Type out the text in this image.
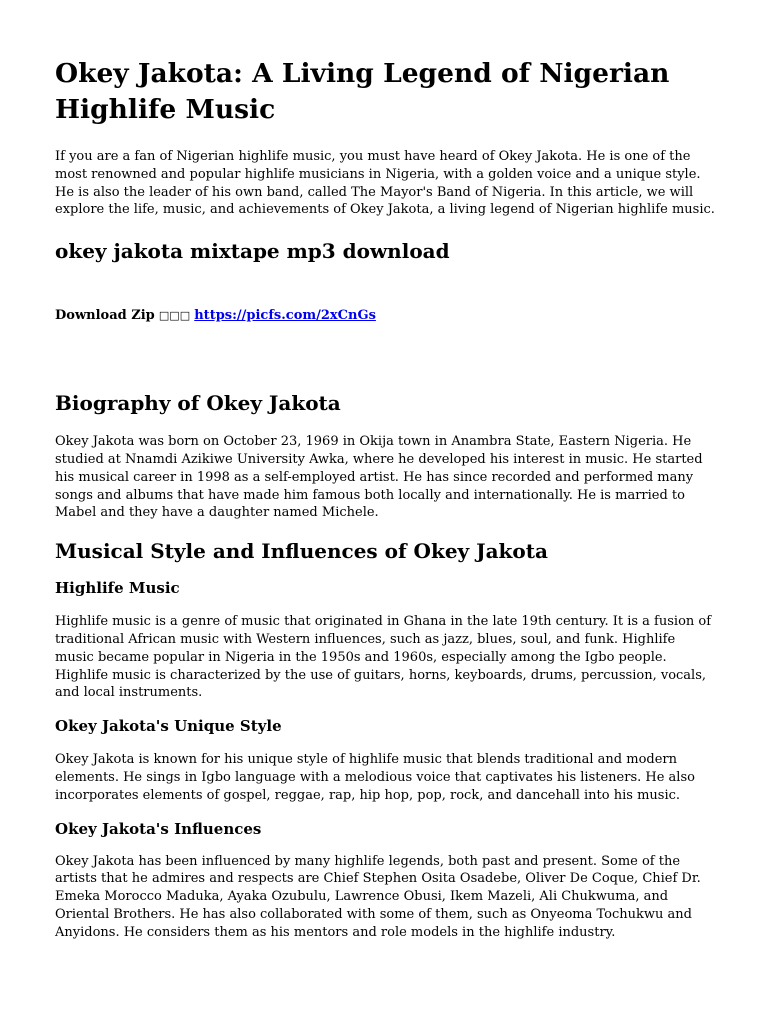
Okey Jakota: A Living Legend of Nigerian Highlife Music

If you are a fan of Nigerian highlife music, you must have heard of Okey Jakota. He is one of the most renowned and popular highlife musicians in Nigeria, with a golden voice and a unique style. He is also the leader of his own band, called The Mayor's Band of Nigeria. In this article, we will explore the life, music, and achievements of Okey Jakota, a living legend of Nigerian highlife music.

okey jakota mixtape mp3 download
Download Zip □□□ https://picfs.com/2xCnGs
Biography of Okey Jakota

Okey Jakota was born on October 23, 1969 in Okija town in Anambra State, Eastern Nigeria. He studied at Nnamdi Azikiwe University Awka, where he developed his interest in music. He started his musical career in 1998 as a self-employed artist. He has since recorded and performed many songs and albums that have made him famous both locally and internationally. He is married to Mabel and they have a daughter named Michele.

Musical Style and Influences of Okey Jakota
Highlife Music

Highlife music is a genre of music that originated in Ghana in the late 19th century. It is a fusion of traditional African music with Western influences, such as jazz, blues, soul, and funk. Highlife music became popular in Nigeria in the 1950s and 1960s, especially among the Igbo people. Highlife music is characterized by the use of guitars, horns, keyboards, drums, percussion, vocals, and local instruments.

Okey Jakota's Unique Style

Okey Jakota is known for his unique style of highlife music that blends traditional and modern elements. He sings in Igbo language with a melodious voice that captivates his listeners. He also incorporates elements of gospel, reggae, rap, hip hop, pop, rock, and dancehall into his music.

Okey Jakota's Influences

Okey Jakota has been influenced by many highlife legends, both past and present. Some of the artists that he admires and respects are Chief Stephen Osita Osadebe, Oliver De Coque, Chief Dr. Emeka Morocco Maduka, Ayaka Ozubulu, Lawrence Obusi, Ikem Mazeli, Ali Chukwuma, and Oriental Brothers. He has also collaborated with some of them, such as Onyeoma Tochukwu and Anyidons. He considers them as his mentors and role models in the highlife industry.
